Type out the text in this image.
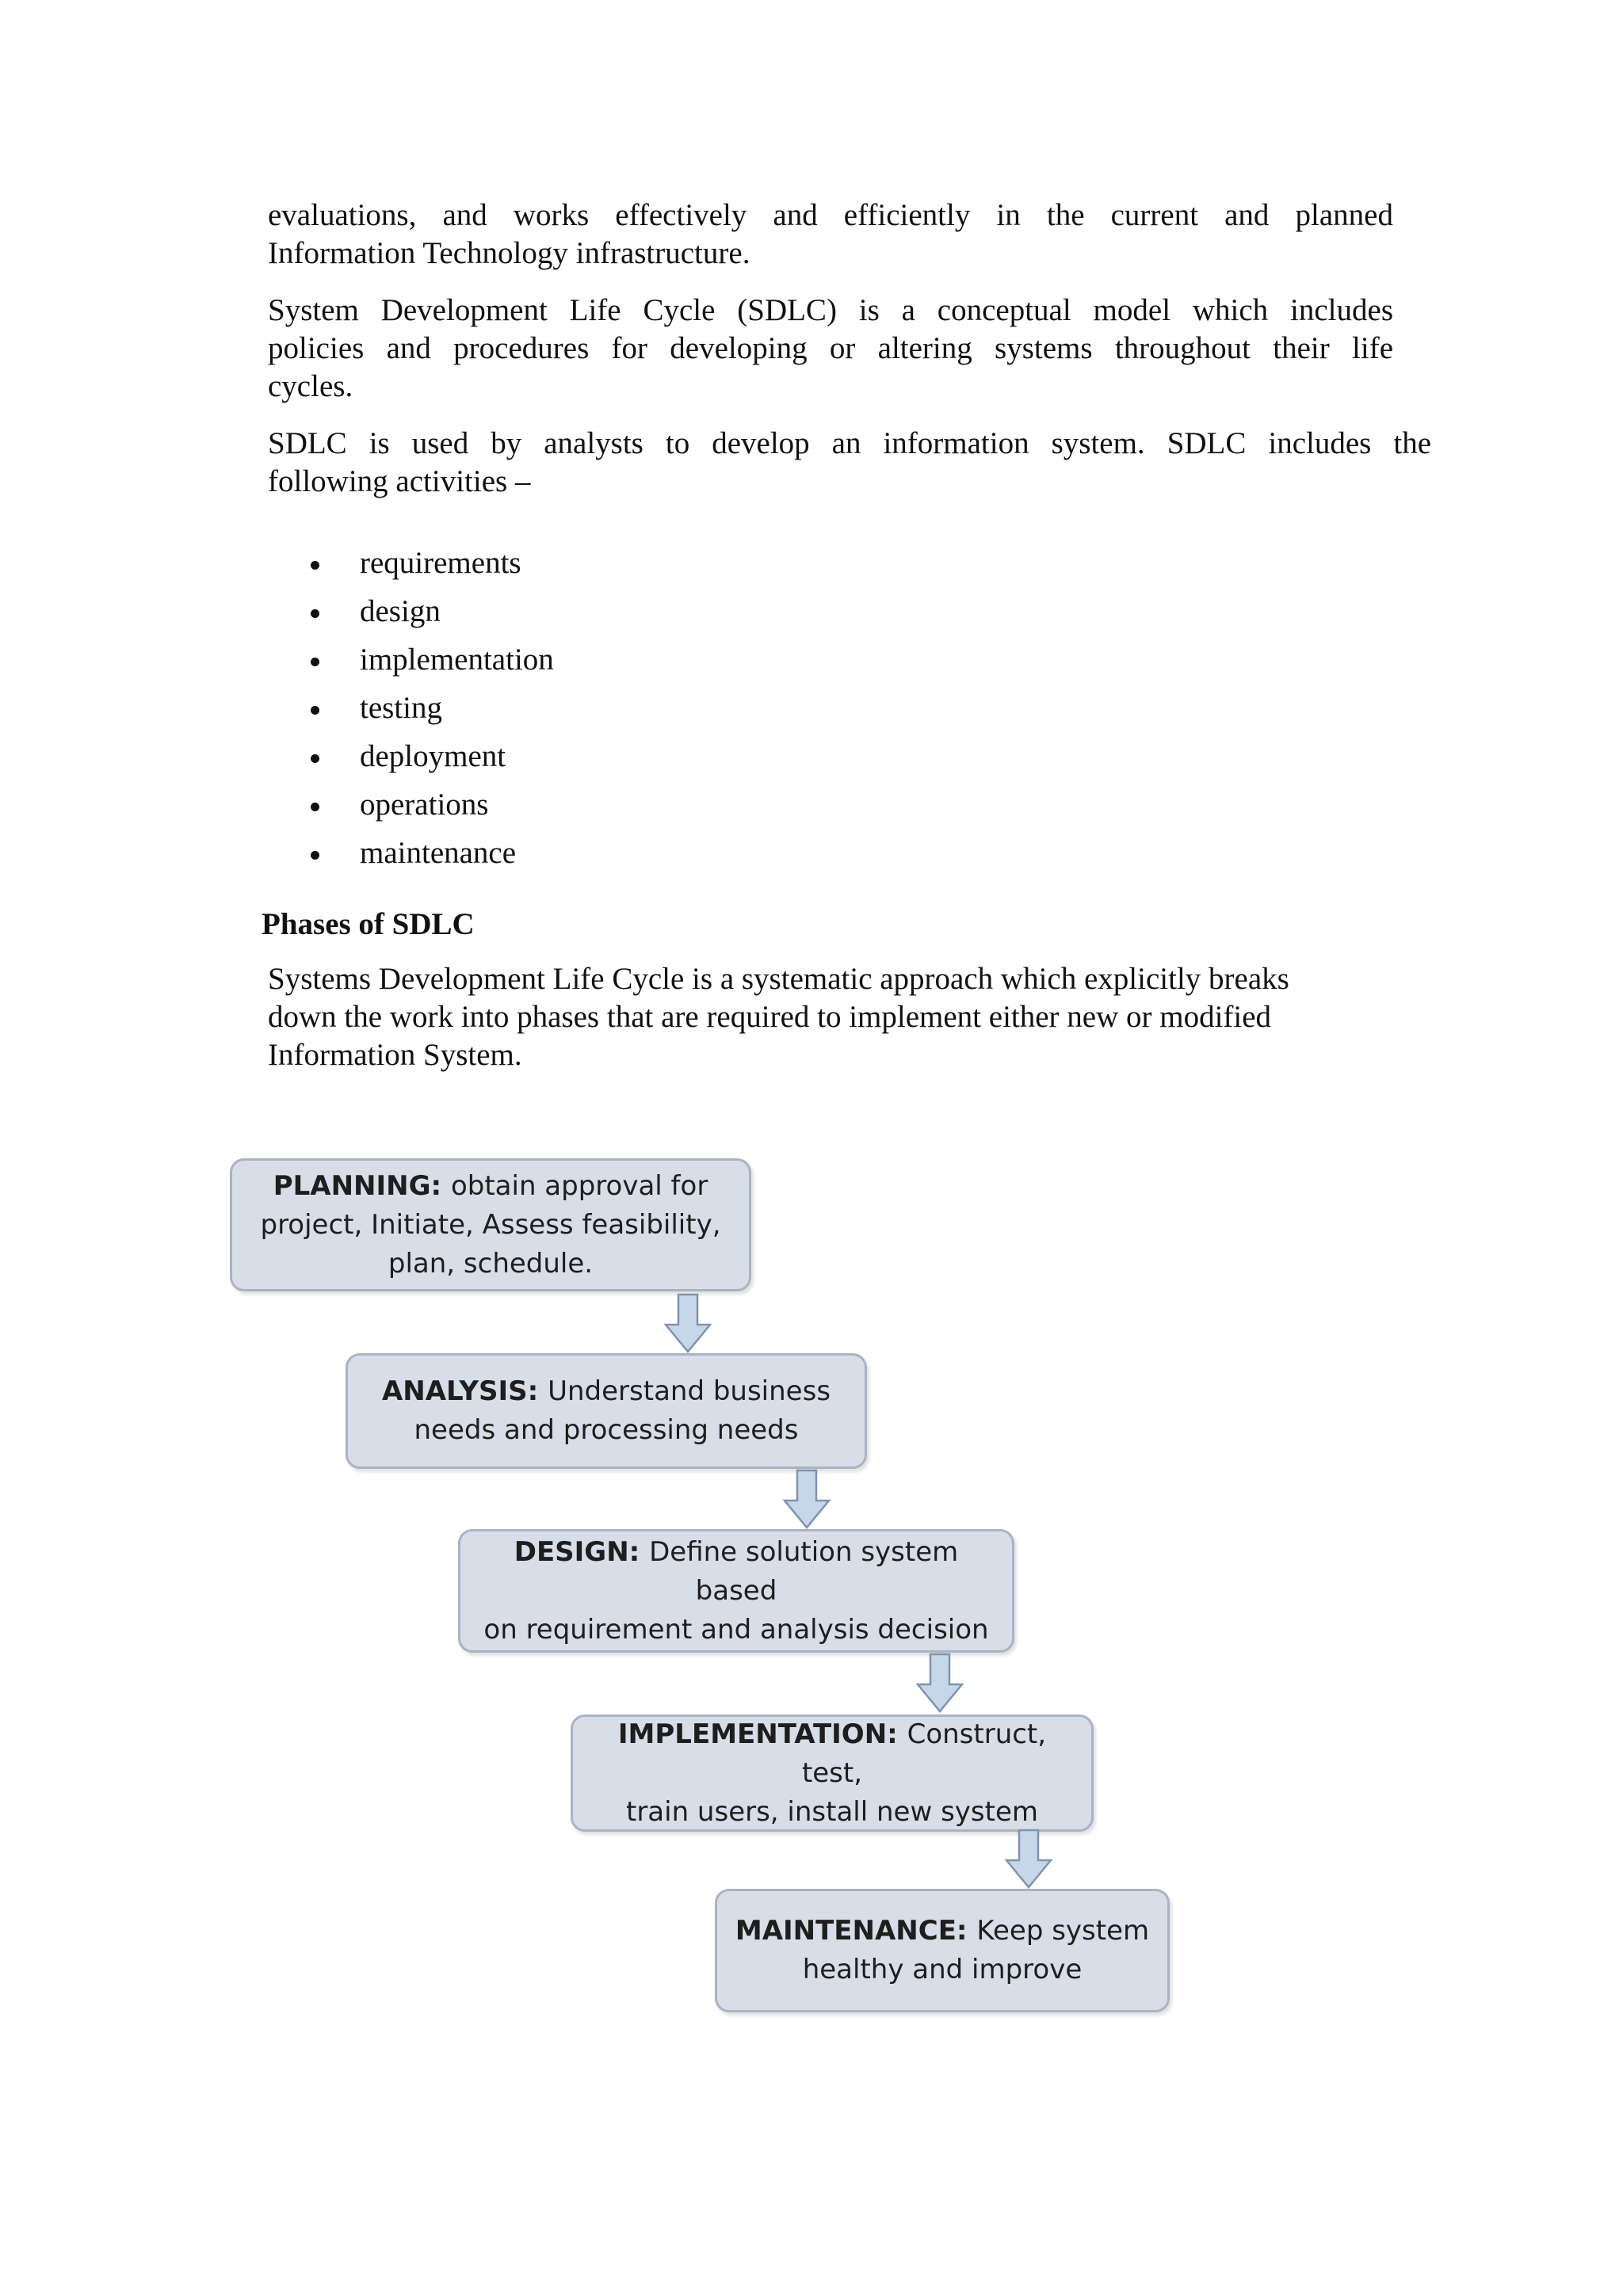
evaluations, and works effectively and efficiently in the current and planned
Information Technology infrastructure.

System Development Life Cycle (SDLC) is a conceptual model which includes
policies and procedures for developing or altering systems throughout their life
cycles.

SDLC is used by analysts to develop an information system. SDLC includes the
following activities –

requirements
design
implementation
testing
deployment
operations
maintenance
Phases of SDLC

Systems Development Life Cycle is a systematic approach which explicitly breaks
down the work into phases that are required to implement either new or modified
Information System.

PLANNING: obtain approval for
project, Initiate, Assess feasibility,
plan, schedule.
ANALYSIS: Understand business
needs and processing needs
DESIGN: Define solution system based
on requirement and analysis decision
IMPLEMENTATION: Construct, test,
train users, install new system
MAINTENANCE: Keep system
healthy and improve
